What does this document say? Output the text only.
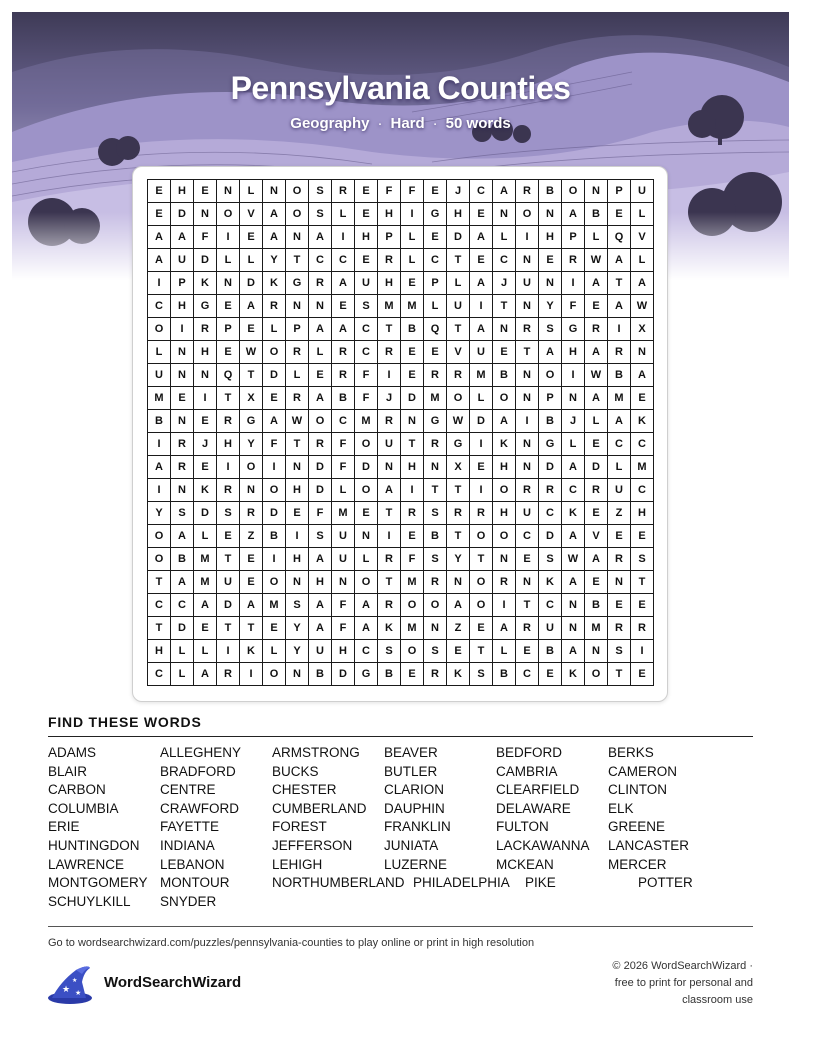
Pennsylvania Counties
Geography · Hard · 50 words
E	H	E	N	L	N	O	S	R	E	F	F	E	J	C	A	R	B	O	N	P	U
E	D	N	O	V	A	O	S	L	E	H	I	G	H	E	N	O	N	A	B	E	L
A	A	F	I	E	A	N	A	I	H	P	L	E	D	A	L	I	H	P	L	Q	V
A	U	D	L	L	Y	T	C	C	E	R	L	C	T	E	C	N	E	R	W	A	L
I	P	K	N	D	K	G	R	A	U	H	E	P	L	A	J	U	N	I	A	T	A
C	H	G	E	A	R	N	N	E	S	M	M	L	U	I	T	N	Y	F	E	A	W
O	I	R	P	E	L	P	A	A	C	T	B	Q	T	A	N	R	S	G	R	I	X
L	N	H	E	W	O	R	L	R	C	R	E	E	V	U	E	T	A	H	A	R	N
U	N	N	Q	T	D	L	E	R	F	I	E	R	R	M	B	N	O	I	W	B	A
M	E	I	T	X	E	R	A	B	F	J	D	M	O	L	O	N	P	N	A	M	E
B	N	E	R	G	A	W	O	C	M	R	N	G	W	D	A	I	B	J	L	A	K
I	R	J	H	Y	F	T	R	F	O	U	T	R	G	I	K	N	G	L	E	C	C
A	R	E	I	O	I	N	D	F	D	N	H	N	X	E	H	N	D	A	D	L	M
I	N	K	R	N	O	H	D	L	O	A	I	T	T	I	O	R	R	C	R	U	C
Y	S	D	S	R	D	E	F	M	E	T	R	S	R	R	H	U	C	K	E	Z	H
O	A	L	E	Z	B	I	S	U	N	I	E	B	T	O	O	C	D	A	V	E	E
O	B	M	T	E	I	H	A	U	L	R	F	S	Y	T	N	E	S	W	A	R	S
T	A	M	U	E	O	N	H	N	O	T	M	R	N	O	R	N	K	A	E	N	T
C	C	A	D	A	M	S	A	F	A	R	O	O	A	O	I	T	C	N	B	E	E
T	D	E	T	T	E	Y	A	F	A	K	M	N	Z	E	A	R	U	N	M	R	R
H	L	L	I	K	L	Y	U	H	C	S	O	S	E	T	L	E	B	A	N	S	I
C	L	A	R	I	O	N	B	D	G	B	E	R	K	S	B	C	E	K	O	T	E
FIND THESE WORDS
ADAMS
BLAIR
CARBON
COLUMBIA
ERIE
HUNTINGDON
LAWRENCE
MONTGOMERY
SCHUYLKILL
ALLEGHENY
BRADFORD
CENTRE
CRAWFORD
FAYETTE
INDIANA
LEBANON
MONTOUR
SNYDER
ARMSTRONG
BUCKS
CHESTER
CUMBERLAND
FOREST
JEFFERSON
LEHIGH
NORTHUMBERLAND
BEAVER
BUTLER
CLARION
DAUPHIN
FRANKLIN
JUNIATA
LUZERNE
PHILADELPHIA
BEDFORD
CAMBRIA
CLEARFIELD
DELAWARE
FULTON
LACKAWANNA
MCKEAN
PIKE
BERKS
CAMERON
CLINTON
ELK
GREENE
LANCASTER
MERCER
POTTER
Go to wordsearchwizard.com/puzzles/pennsylvania-counties to play online or print in high resolution
★
★
★
WordSearchWizard
© 2026 WordSearchWizard ·
free to print for personal and
classroom use
